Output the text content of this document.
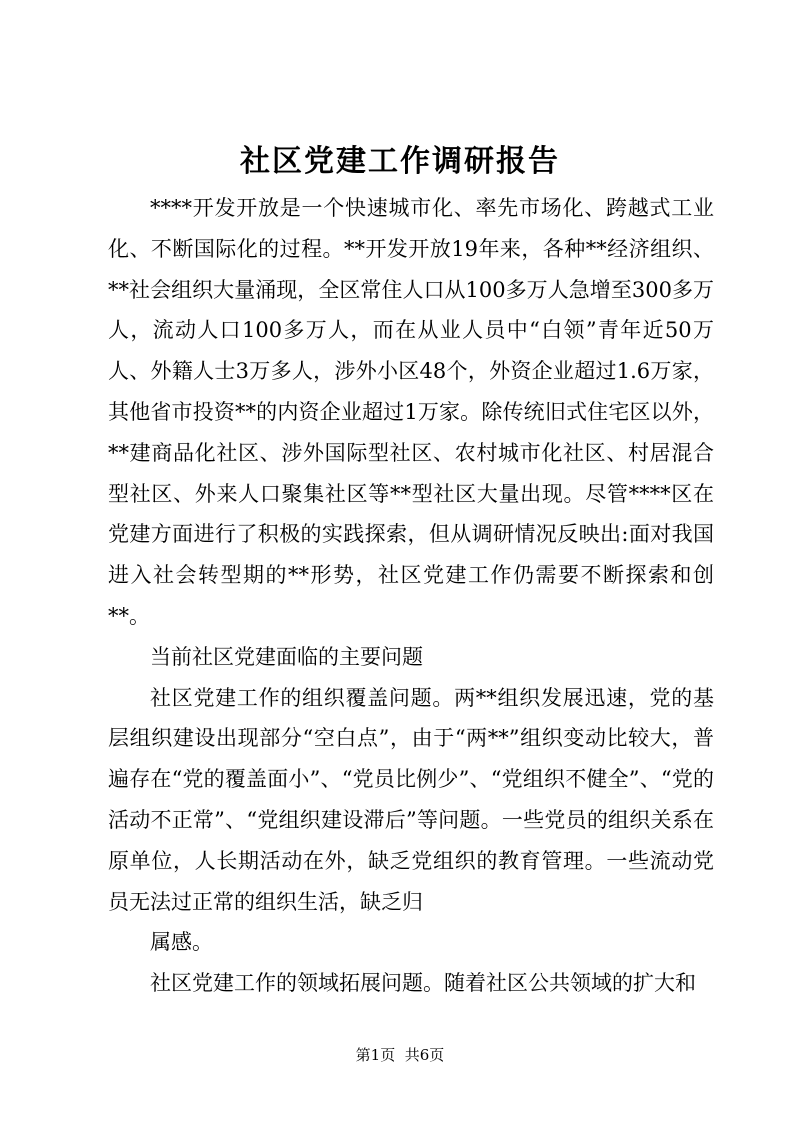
社区党建工作调研报告

****开发开放是一个快速城市化、率先市场化、跨越式工业化、不断国际化的过程。**开发开放19年来，各种**经济组织、**社会组织大量涌现，全区常住人口从100多万人急增至300多万人，流动人口100多万人，而在从业人员中“白领”青年近50万人、外籍人士3万多人，涉外小区48个，外资企业超过1.6万家，其他省市投资**的内资企业超过1万家。除传统旧式住宅区以外，**建商品化社区、涉外国际型社区、农村城市化社区、村居混合型社区、外来人口聚集社区等**型社区大量出现。尽管****区在党建方面进行了积极的实践探索，但从调研情况反映出:面对我国进入社会转型期的**形势，社区党建工作仍需要不断探索和创**。

当前社区党建面临的主要问题

社区党建工作的组织覆盖问题。两**组织发展迅速，党的基层组织建设出现部分“空白点”，由于“两**”组织变动比较大，普遍存在“党的覆盖面小”、“党员比例少”、“党组织不健全”、“党的活动不正常”、“党组织建设滞后”等问题。一些党员的组织关系在原单位，人长期活动在外，缺乏党组织的教育管理。一些流动党员无法过正常的组织生活，缺乏归

属感。

社区党建工作的领域拓展问题。随着社区公共领域的扩大和

第1页 共6页
